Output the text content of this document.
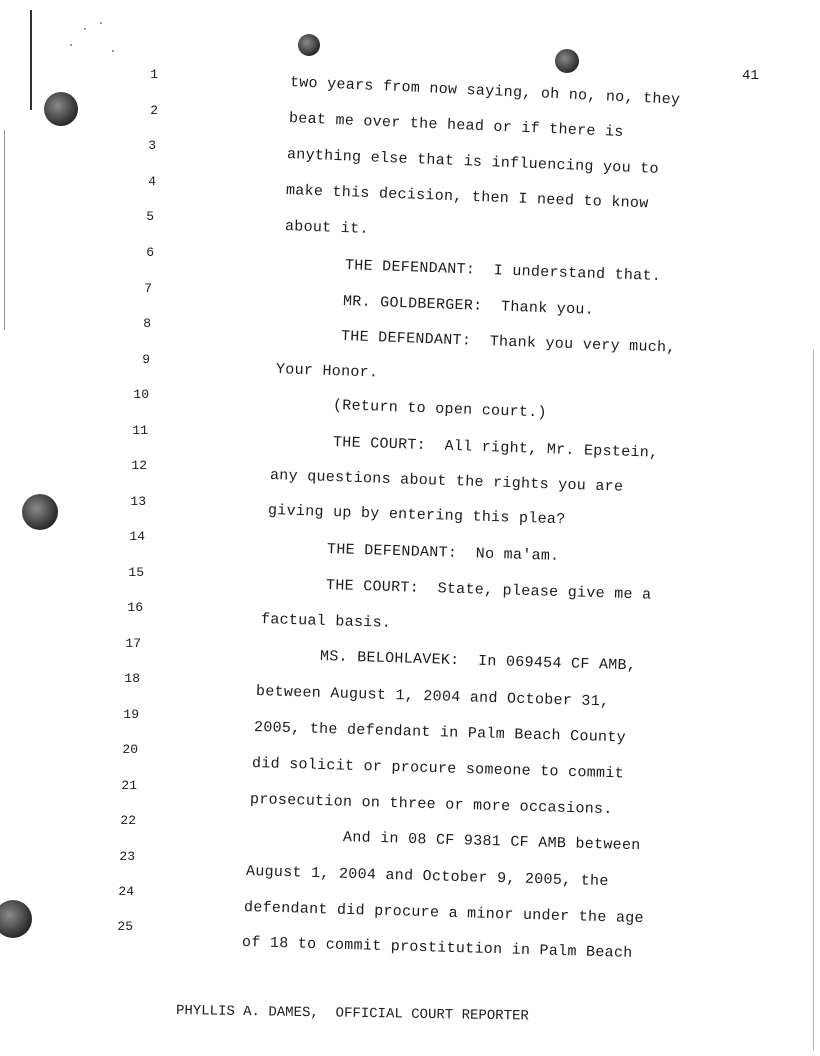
41
1
2
3
4
5
6
7
8
9
10
11
12
13
14
15
16
17
18
19
20
21
22
23
24
25
two years from now saying, oh no, no, they
beat me over the head or if there is
anything else that is influencing you to
make this decision, then I need to know
about it.
THE DEFENDANT:  I understand that.
MR. GOLDBERGER:  Thank you.
THE DEFENDANT:  Thank you very much,
Your Honor.
(Return to open court.)
THE COURT:  All right, Mr. Epstein,
any questions about the rights you are
giving up by entering this plea?
THE DEFENDANT:  No ma'am.
THE COURT:  State, please give me a
factual basis.
MS. BELOHLAVEK:  In 069454 CF AMB,
between August 1, 2004 and October 31,
2005, the defendant in Palm Beach County
did solicit or procure someone to commit
prosecution on three or more occasions.
And in 08 CF 9381 CF AMB between
August 1, 2004 and October 9, 2005, the
defendant did procure a minor under the age
of 18 to commit prostitution in Palm Beach
PHYLLIS A. DAMES,  OFFICIAL COURT REPORTER
